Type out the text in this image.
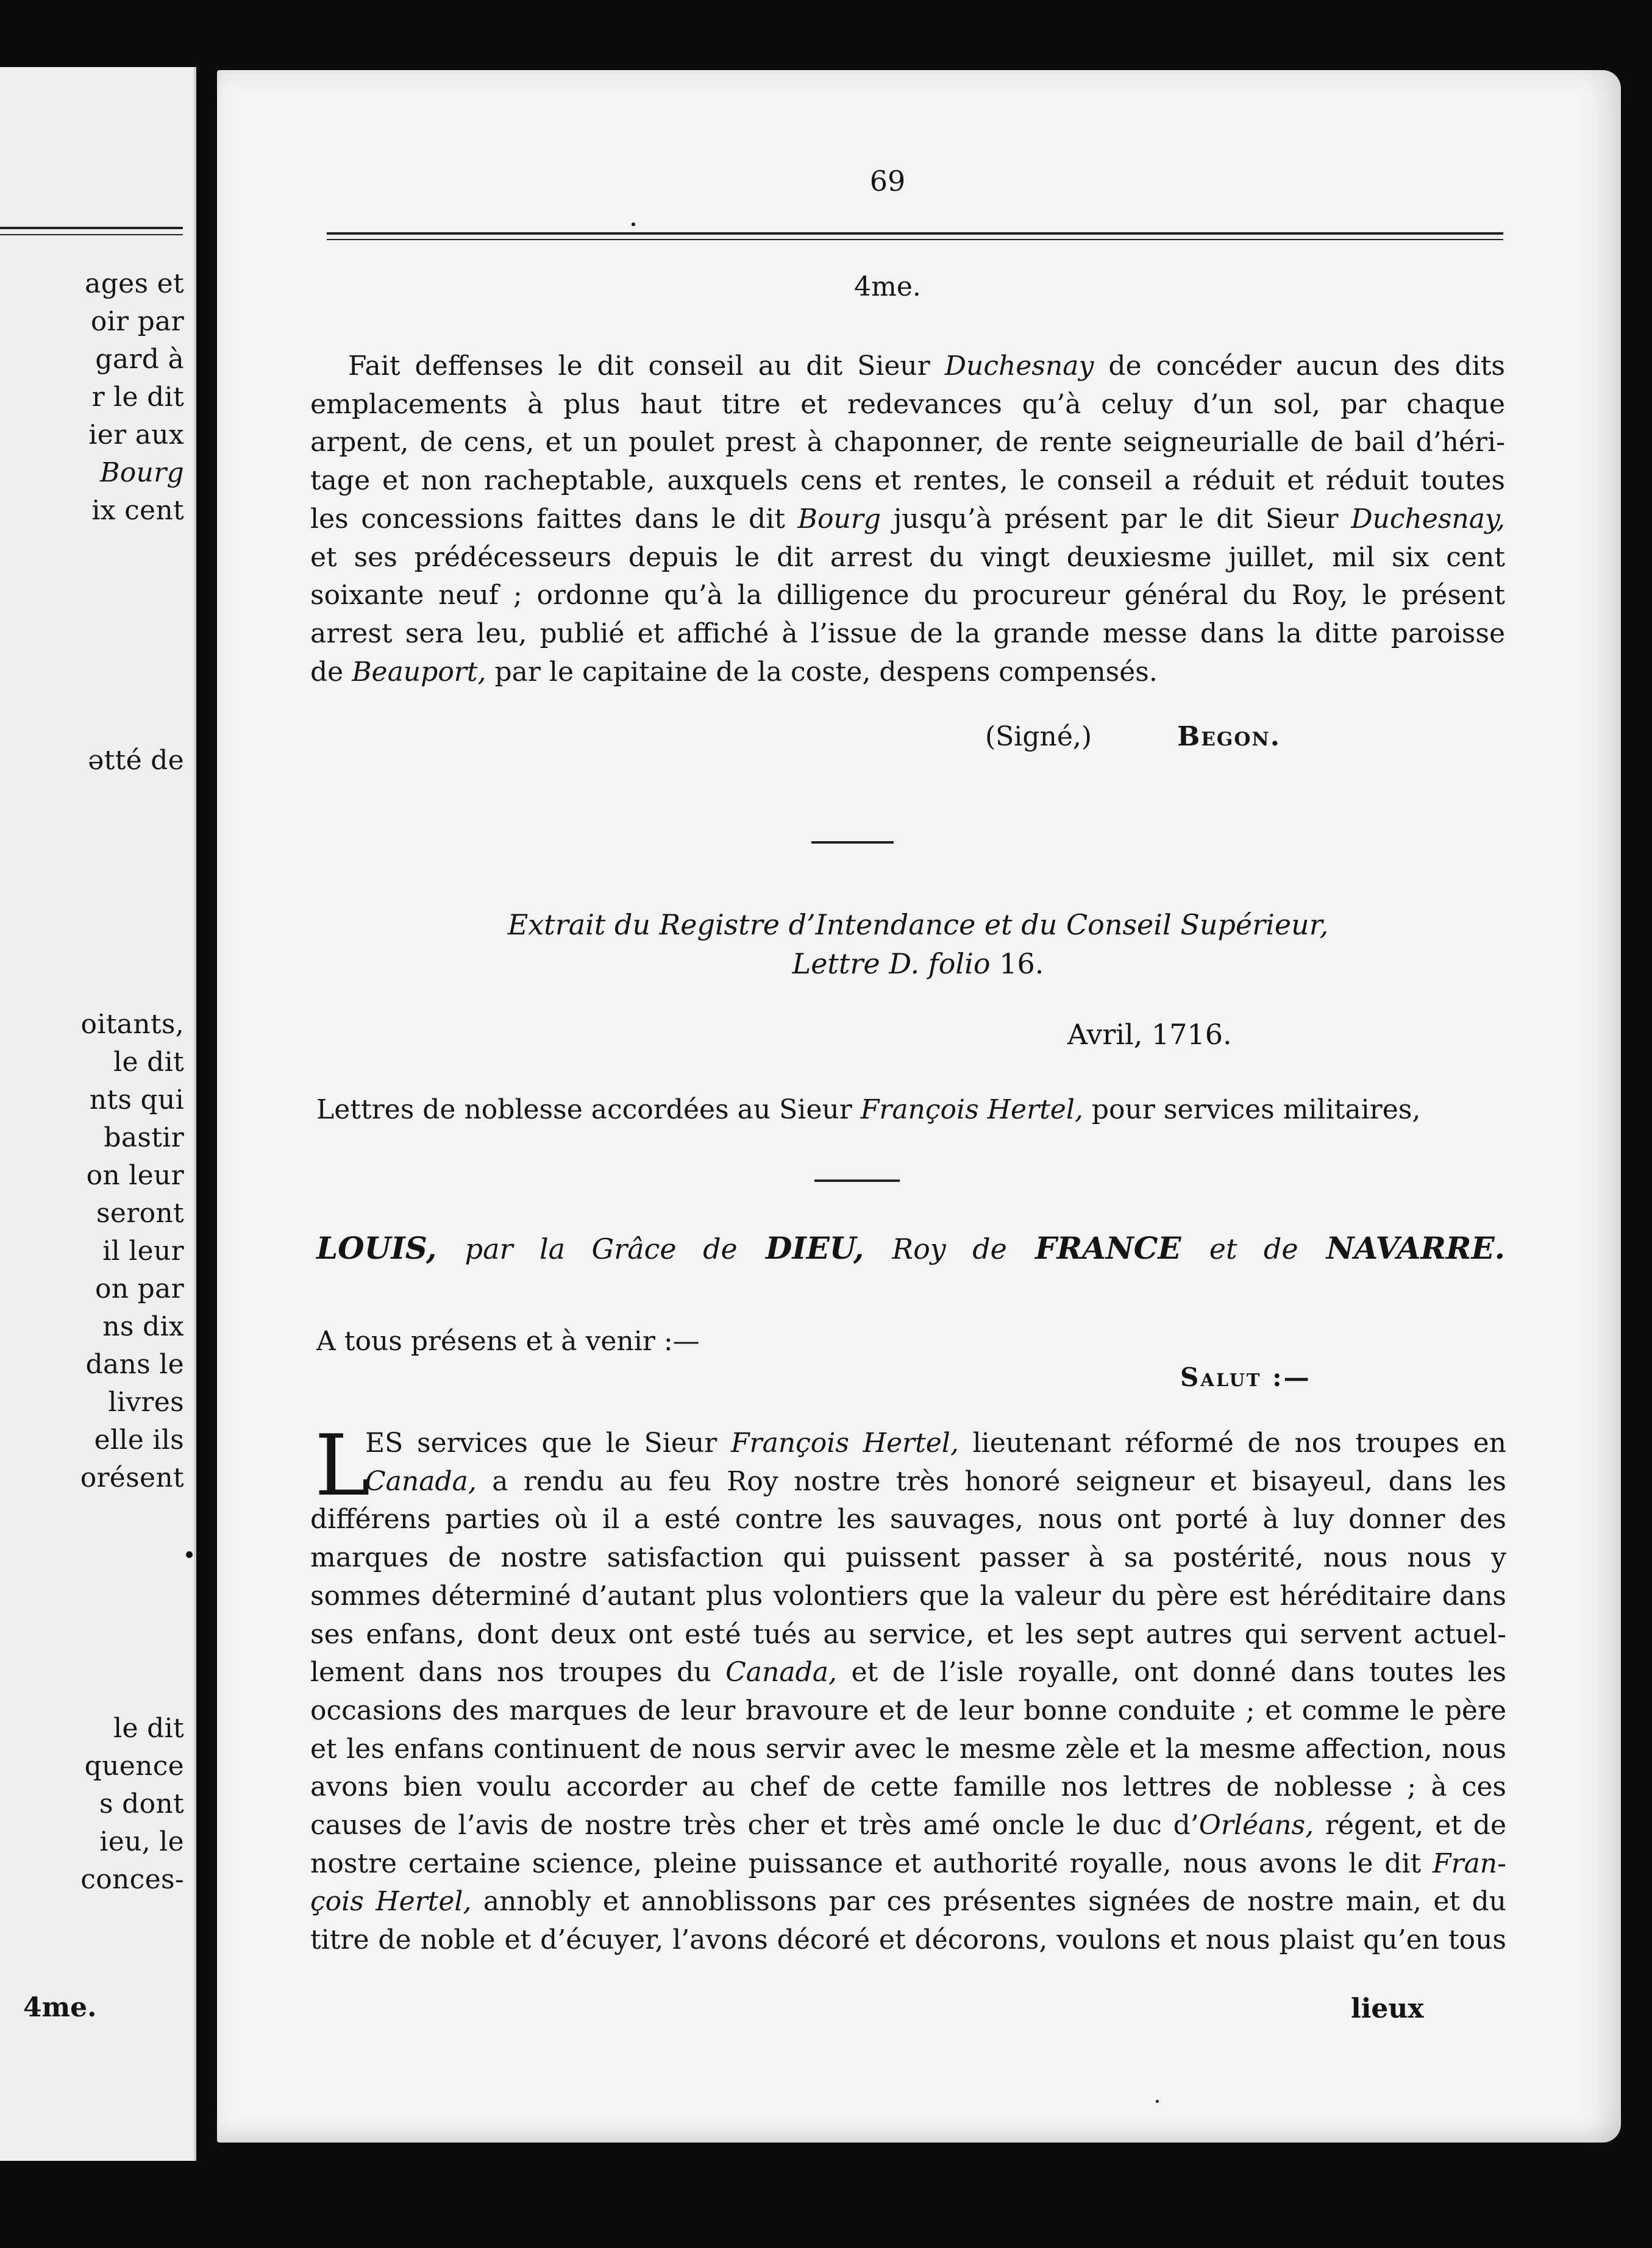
ages et
oir par
gard à
r le dit
ier aux
Bourg
ix cent
ətté de
oitants,
le dit
nts qui
bastir
on leur
seront
il leur
on par
ns dix
dans le
livres
elle ils
orésent
le dit
quence
s dont
ieu, le
conces-
4me.
69
4me.
Fait deffenses le dit conseil au dit Sieur Duchesnay de concéder aucun des dits
emplacements à plus haut titre et redevances qu’à celuy d’un sol, par chaque
arpent, de cens, et un poulet prest à chaponner, de rente seigneurialle de bail d’héri-
tage et non racheptable, auxquels cens et rentes, le conseil a réduit et réduit toutes
les concessions faittes dans le dit Bourg jusqu’à présent par le dit Sieur Duchesnay,
et ses prédécesseurs depuis le dit arrest du vingt deuxiesme juillet, mil six cent
soixante neuf ; ordonne qu’à la dilligence du procureur général du Roy, le présent
arrest sera leu, publié et affiché à l’issue de la grande messe dans la ditte paroisse
de Beauport, par le capitaine de la coste, despens compensés.
(Signé,)	Begon.
Extrait du Registre d’Intendance et du Conseil Supérieur,
Lettre D. folio 16.
Avril, 1716.
Lettres de noblesse accordées au Sieur François Hertel, pour services militaires,
LOUIS, par la Grâce de DIEU, Roy de FRANCE et de NAVARRE.
A tous présens et à venir :—
Salut :—
L
ES services que le Sieur François Hertel, lieutenant réformé de nos troupes en
Canada, a rendu au feu Roy nostre très honoré seigneur et bisayeul, dans les
différens parties où il a esté contre les sauvages, nous ont porté à luy donner des
marques de nostre satisfaction qui puissent passer à sa postérité, nous nous y
sommes déterminé d’autant plus volontiers que la valeur du père est héréditaire dans
ses enfans, dont deux ont esté tués au service, et les sept autres qui servent actuel-
lement dans nos troupes du Canada, et de l’isle royalle, ont donné dans toutes les
occasions des marques de leur bravoure et de leur bonne conduite ; et comme le père
et les enfans continuent de nous servir avec le mesme zèle et la mesme affection, nous
avons bien voulu accorder au chef de cette famille nos lettres de noblesse ; à ces
causes de l’avis de nostre très cher et très amé oncle le duc d’Orléans, régent, et de
nostre certaine science, pleine puissance et authorité royalle, nous avons le dit Fran-
çois Hertel, annobly et annoblissons par ces présentes signées de nostre main, et du
titre de noble et d’écuyer, l’avons décoré et décorons, voulons et nous plaist qu’en tous
lieux
